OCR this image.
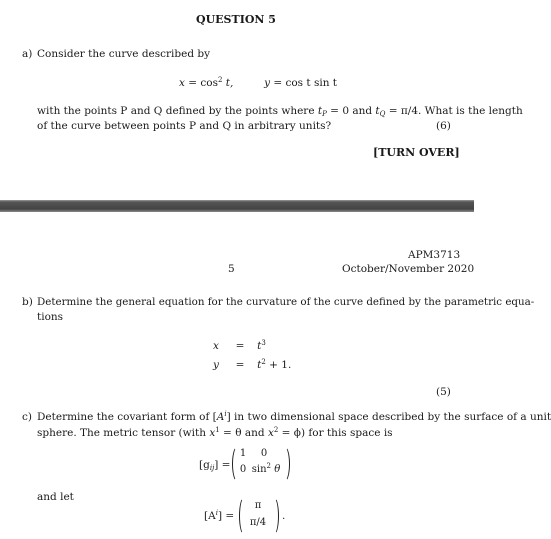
QUESTION 5
a) Consider the curve described by
$x = \cos^2 t$,	y = cos t sin t
with the points P and Q defined by the points where $t_P = 0$ and $t_Q = \pi/4$. What is the length
of the curve between points P and Q in arbitrary units?	(6)
[TURN OVER]
APM3713
5	October/November 2020
b) Determine the general equation for the curvature of the curve defined by the parametric equa-
tions
$x = t^3$
$y = t^2 + 1$.
(5)
c) Determine the covariant form of $[A^i]$ in two dimensional space described by the surface of a unit
sphere. The metric tensor (with $x^1 = \theta$ and $x^2 = \phi$) for this space is
$[g_{ij}]$ =
1	0
0 $\sin^2 \theta$
and let
$[A^i]$ =
π
π/4
.
